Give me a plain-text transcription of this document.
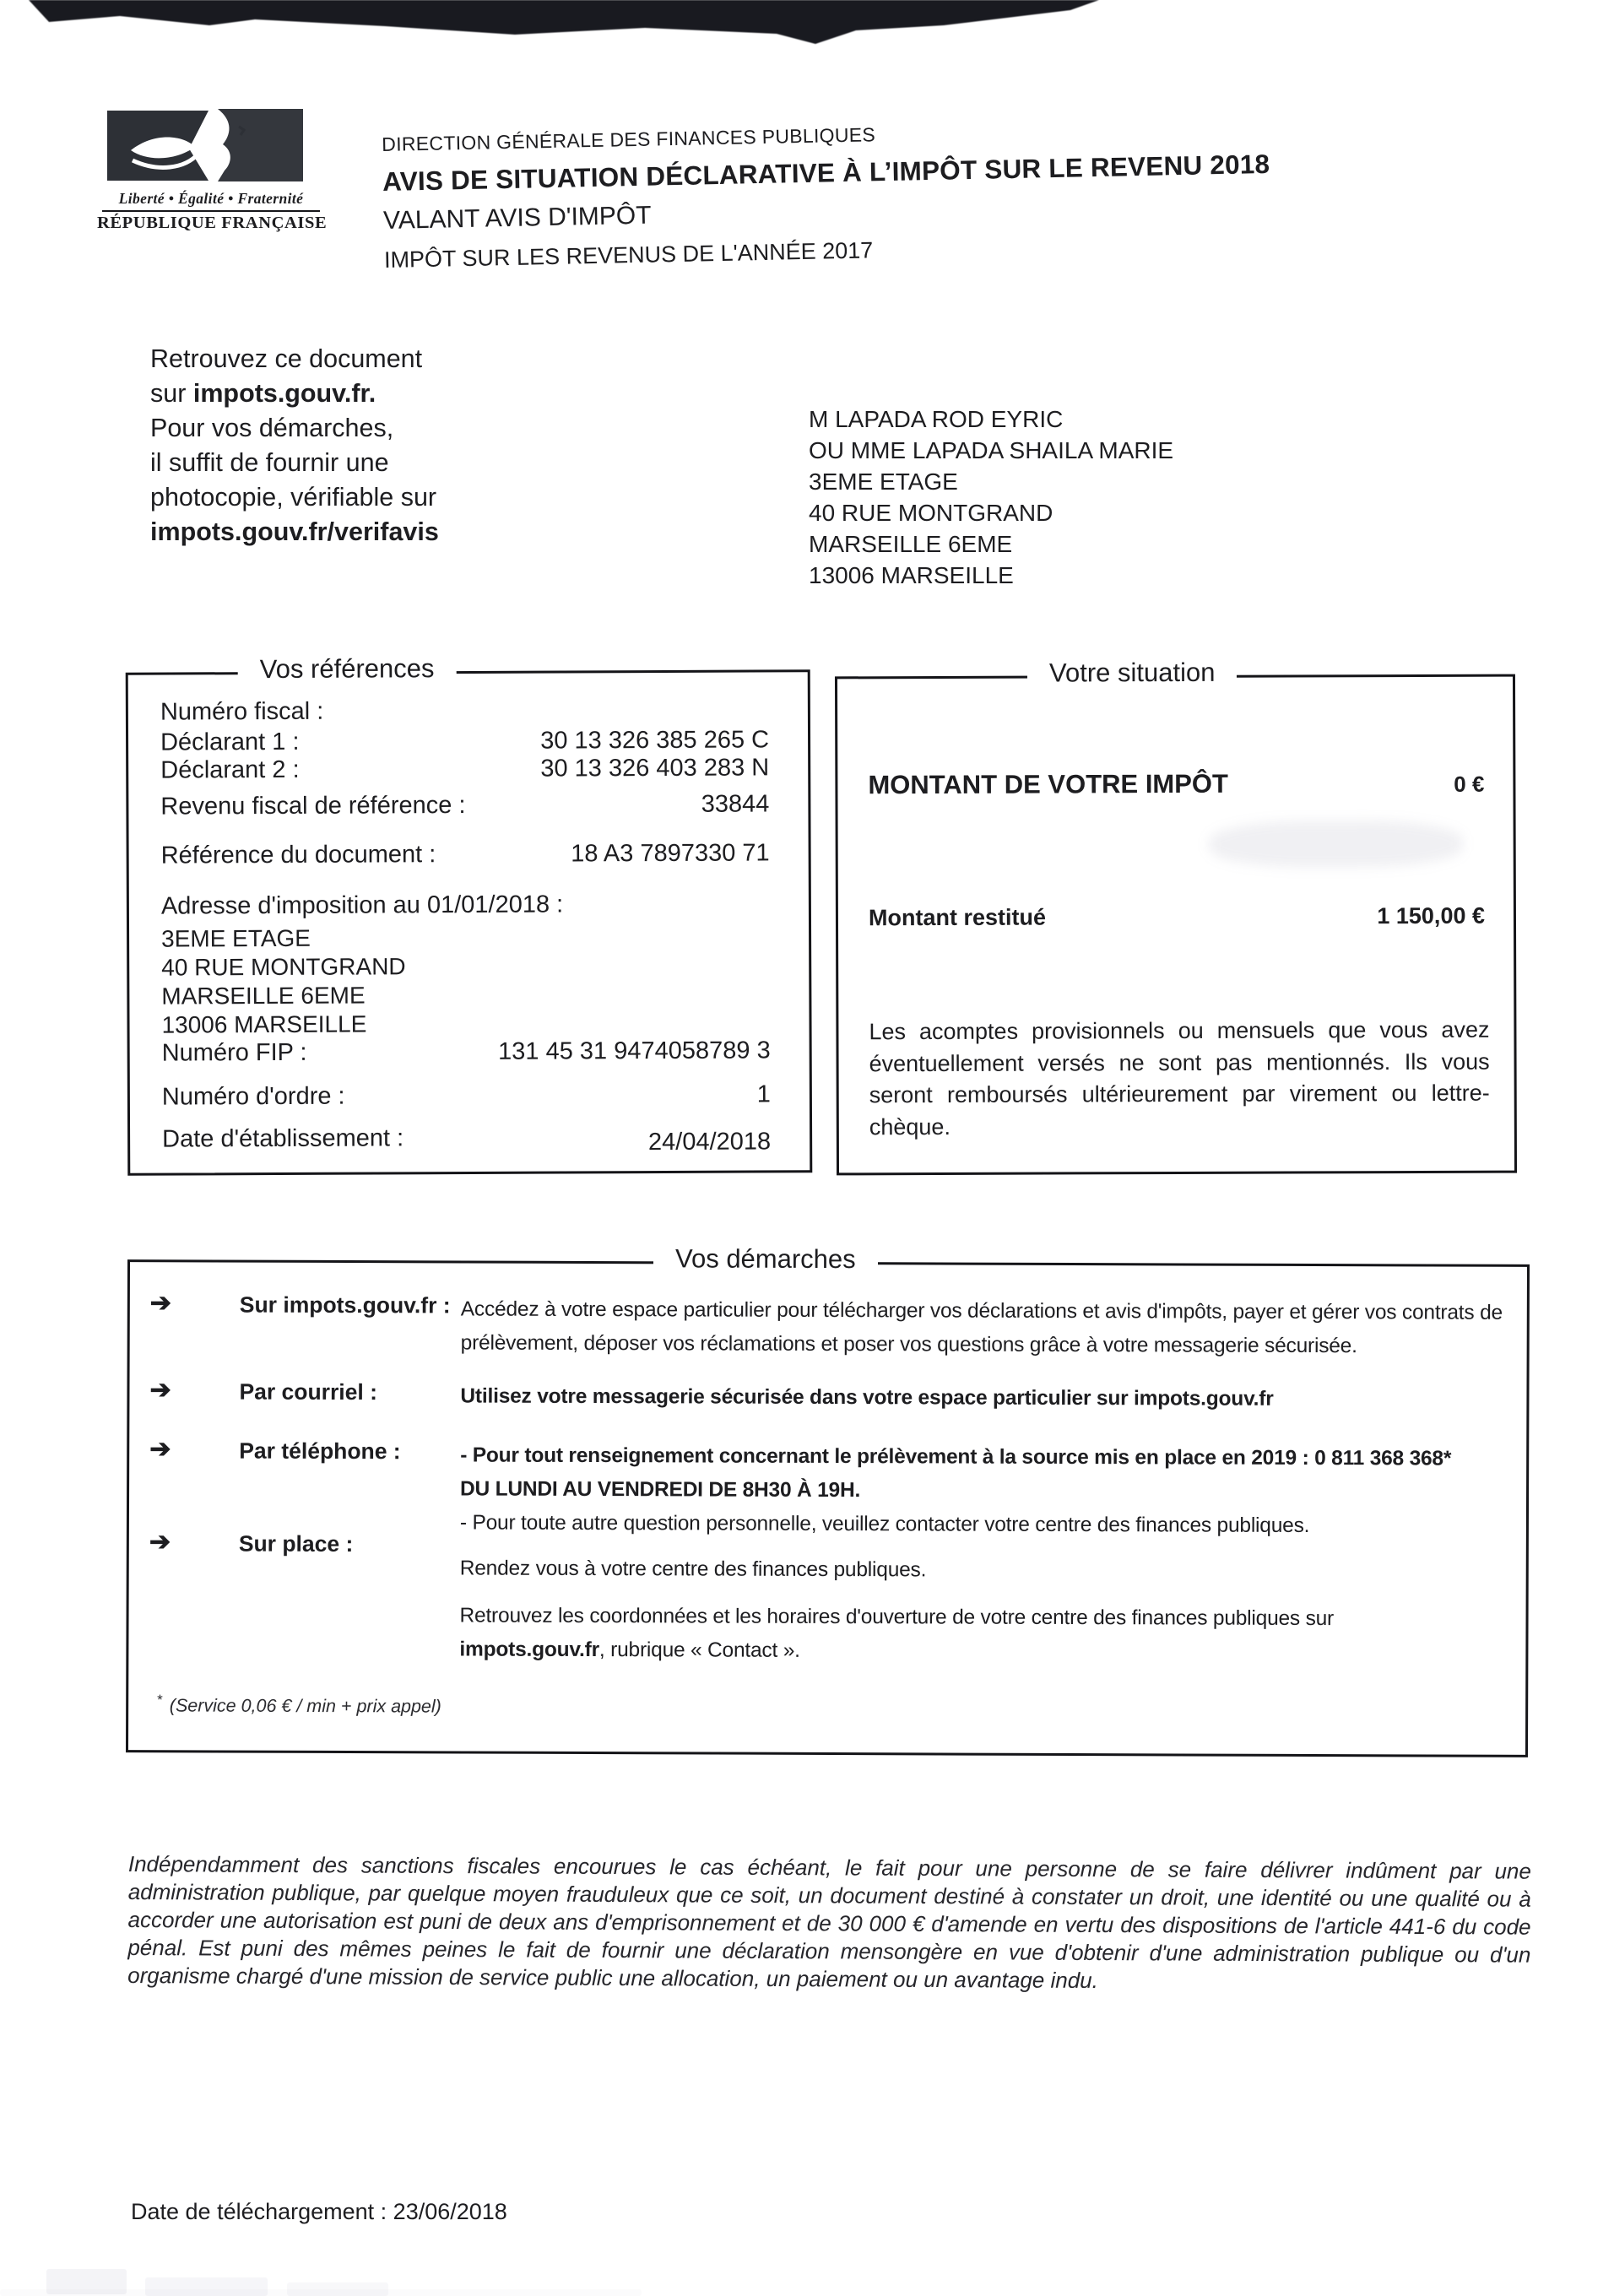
Liberté • Égalité • Fraternité
RÉPUBLIQUE FRANÇAISE
DIRECTION GÉNÉRALE DES FINANCES PUBLIQUES
AVIS DE SITUATION DÉCLARATIVE À L’IMPÔT SUR LE REVENU 2018
VALANT AVIS D'IMPÔT
IMPÔT SUR LES REVENUS DE L'ANNÉE 2017
Retrouvez ce document
sur impots.gouv.fr.
Pour vos démarches,
il suffit de fournir une
photocopie, vérifiable sur
impots.gouv.fr/verifavis
M LAPADA ROD EYRIC
OU MME LAPADA SHAILA MARIE
3EME ETAGE
40 RUE MONTGRAND
MARSEILLE 6EME
13006 MARSEILLE
Vos références
Numéro fiscal :
Déclarant 1 :	30 13 326 385 265 C
Déclarant 2 :	30 13 326 403 283 N
Revenu fiscal de référence :	33844
Référence du document :	18 A3 7897330 71
Adresse d'imposition au 01/01/2018 :
3EME ETAGE
40 RUE MONTGRAND
MARSEILLE 6EME
13006 MARSEILLE
Numéro FIP :	131 45 31 9474058789 3
Numéro d'ordre :	1
Date d'établissement :	24/04/2018
Votre situation
MONTANT DE VOTRE IMPÔT	0 €
Montant restitué	1 150,00 €
Les acomptes provisionnels ou mensuels que vous avez éventuellement versés ne sont pas mentionnés. Ils vous seront remboursés ultérieurement par virement ou lettre-chèque.
Vos démarches
➔	Sur impots.gouv.fr : Accédez à votre espace particulier pour télécharger vos déclarations et avis d'impôts, payer et gérer vos contrats de prélèvement, déposer vos réclamations et poser vos questions grâce à votre messagerie sécurisée.
➔	Par courriel :	Utilisez votre messagerie sécurisée dans votre espace particulier sur impots.gouv.fr
➔	Par téléphone :	- Pour tout renseignement concernant le prélèvement à la source mis en place en 2019 : 0 811 368 368*
DU LUNDI AU VENDREDI DE 8H30 À 19H.
- Pour toute autre question personnelle, veuillez contacter votre centre des finances publiques.
➔	Sur place :
Rendez vous à votre centre des finances publiques.
Retrouvez les coordonnées et les horaires d'ouverture de votre centre des finances publiques sur impots.gouv.fr, rubrique « Contact ».
* (Service 0,06 € / min + prix appel)
Indépendamment des sanctions fiscales encourues le cas échéant, le fait pour une personne de se faire délivrer indûment par une administration publique, par quelque moyen frauduleux que ce soit, un document destiné à constater un droit, une identité ou une qualité ou à accorder une autorisation est puni de deux ans d'emprisonnement et de 30 000 € d'amende en vertu des dispositions de l'article 441-6 du code pénal. Est puni des mêmes peines le fait de fournir une déclaration mensongère en vue d'obtenir d'une administration publique ou d'un organisme chargé d'une mission de service public une allocation, un paiement ou un avantage indu.
Date de téléchargement : 23/06/2018
